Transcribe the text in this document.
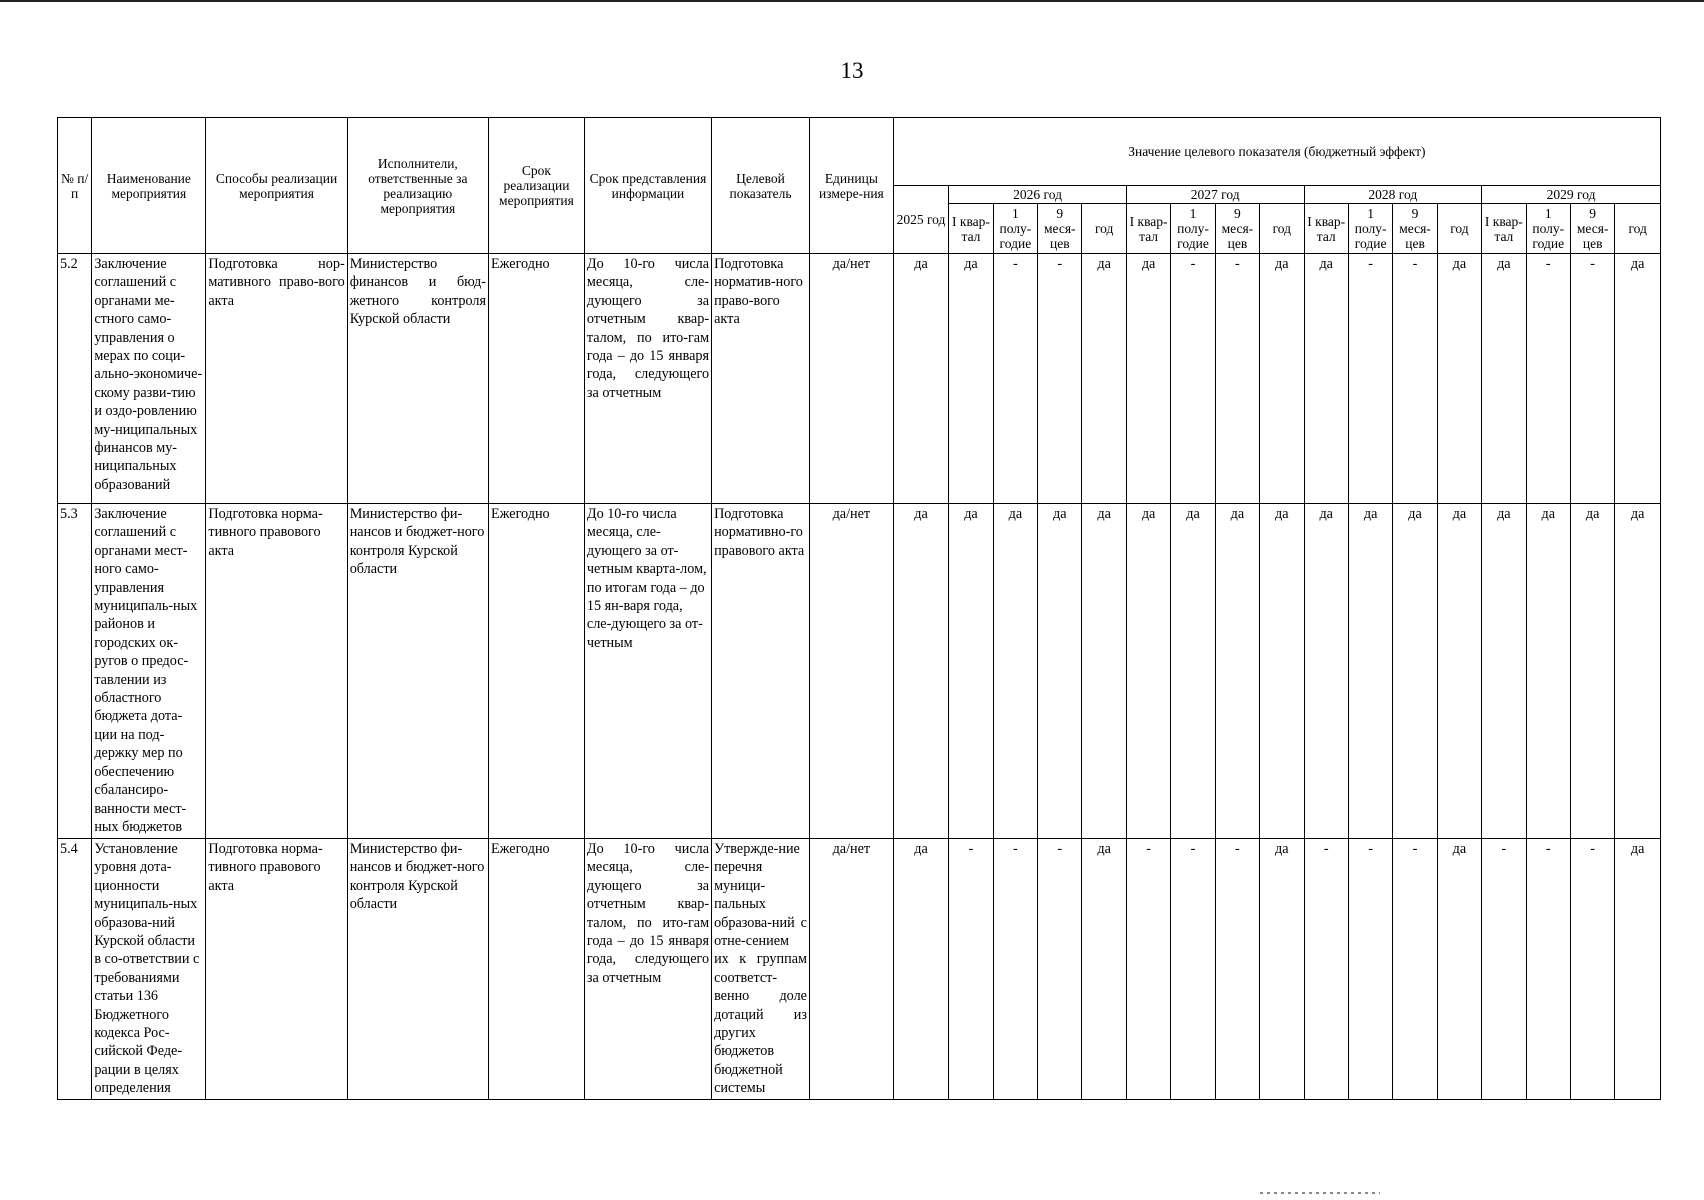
13
№ п/п	Наименование мероприятия	Способы реализации мероприятия	Исполнители, ответственные за реализацию мероприятия	Срок реализации мероприятия	Срок представления информации	Целевой показатель	Единицы измере-ния	Значение целевого показателя (бюджетный эффект)																
								2025 год	2026 год				2027 год				2028 год				2029 год			
									I квар-тал	1 полу-годие	9 меся-цев	год	I квар-тал	1 полу-годие	9 меся-цев	год	I квар-тал	1 полу-годие	9 меся-цев	год	I квар-тал	1 полу-годие	9 меся-цев	год
5.2	Заключение соглашений с органами ме-стного само-управления о мерах по соци-ально-экономиче-скому разви-тию и оздо-ровлению му-ниципальных финансов му-ниципальных образований	Подготовка нор-мативного право-вого акта	Министерство финансов и бюд-жетного контроля Курской области	Ежегодно	До 10-го числа месяца, сле-дующего за отчетным квар-талом, по ито-гам года – до 15 января года, следующего за отчетным	Подготовка норматив-ного право-вого акта	да/нет	да	да	-	-	да	да	-	-	да	да	-	-	да	да	-	-	да
5.3	Заключение соглашений с органами мест-ного само-управления муниципаль-ных районов и городских ок-ругов о предос-тавлении из областного бюджета дота-ции на под-держку мер по обеспечению сбалансиро-ванности мест-ных бюджетов	Подготовка норма-тивного правового акта	Министерство фи-нансов и бюджет-ного контроля Курской области	Ежегодно	До 10-го числа месяца, сле-дующего за от-четным кварта-лом, по итогам года – до 15 ян-варя года, сле-дующего за от-четным	Подготовка нормативно-го правового акта	да/нет	да	да	да	да	да	да	да	да	да	да	да	да	да	да	да	да	да
5.4	Установление уровня дота-ционности муниципаль-ных образова-ний Курской области в со-ответствии с требованиями статьи 136 Бюджетного кодекса Рос-сийской Феде-рации в целях определения	Подготовка норма-тивного правового акта	Министерство фи-нансов и бюджет-ного контроля Курской области	Ежегодно	До 10-го числа месяца, сле-дующего за отчетным квар-талом, по ито-гам года – до 15 января года, следующего за отчетным	Утвержде-ние перечня муници-пальных образова-ний с отне-сением их к группам соответст-венно доле дотаций из других бюджетов бюджетной системы	да/нет	да	-	-	-	да	-	-	-	да	-	-	-	да	-	-	-	да
